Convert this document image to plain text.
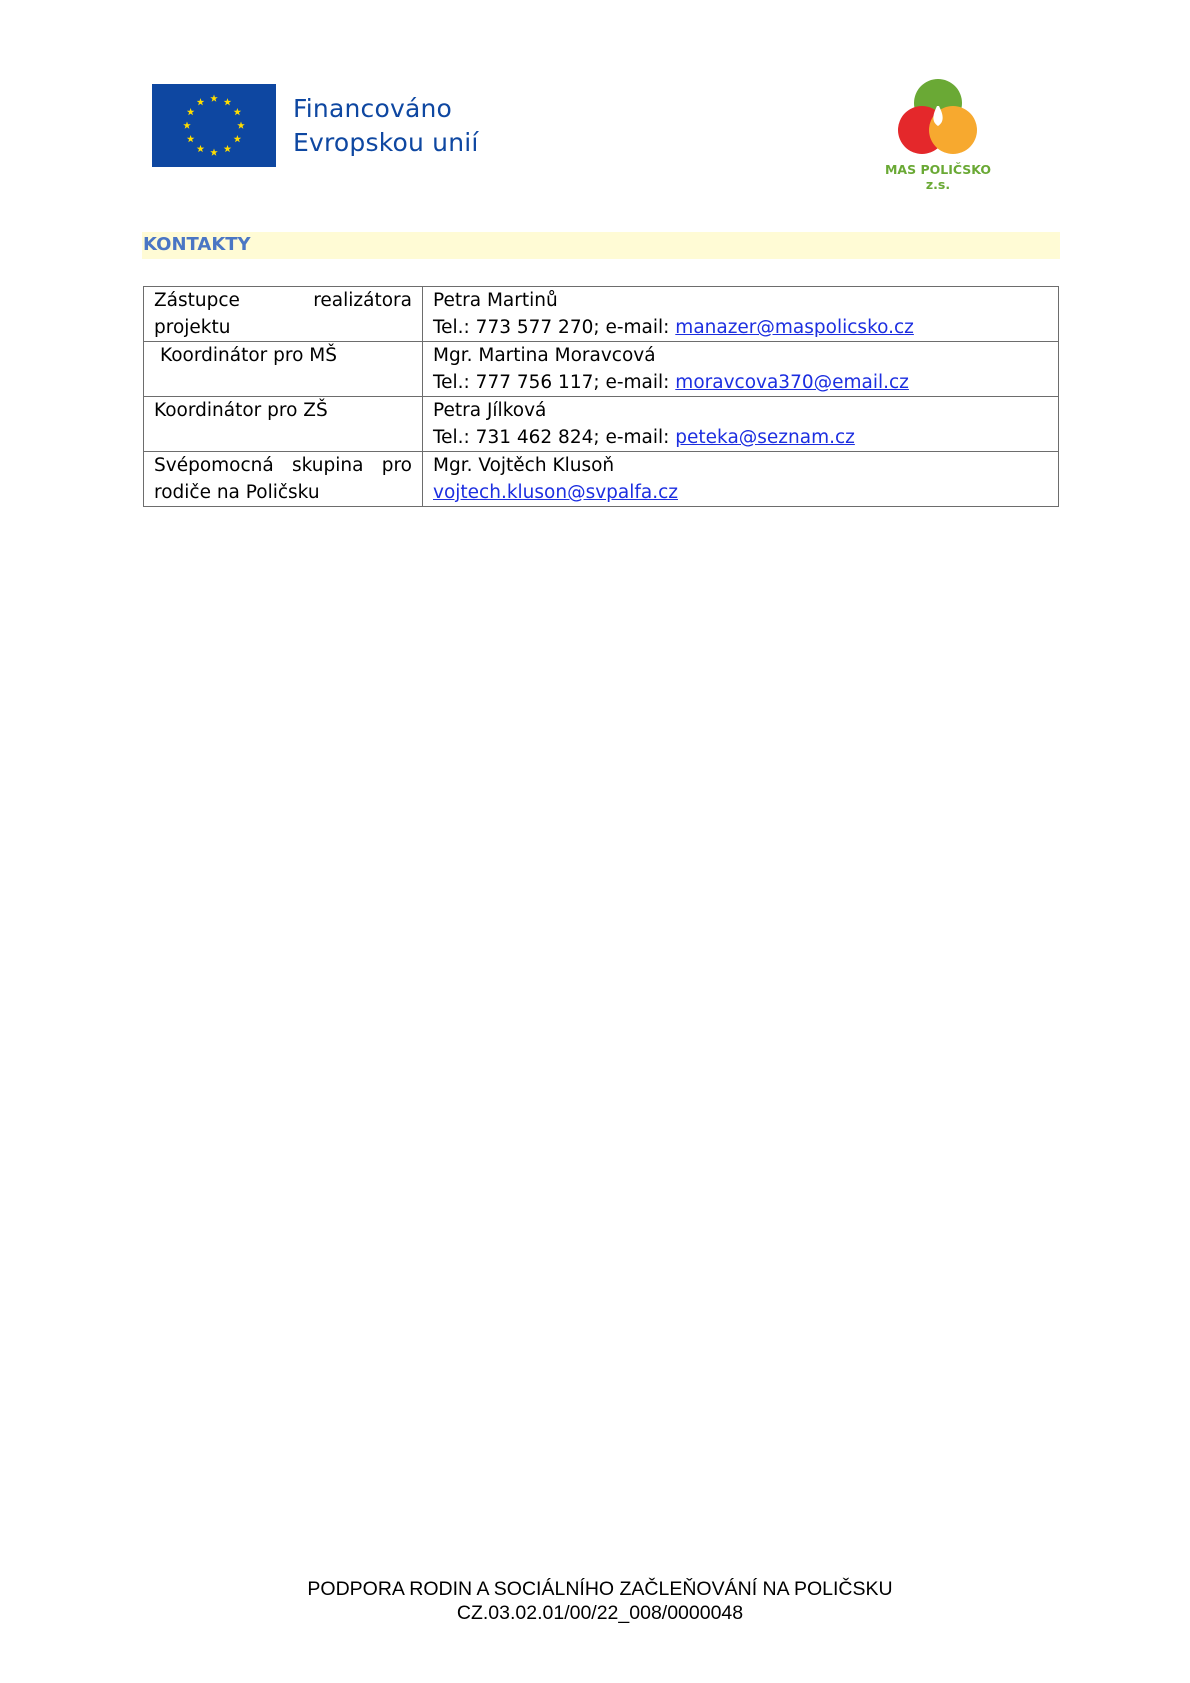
Financováno
Evropskou unií
MAS POLIČSKO z.s.
KONTAKTY
Zástupce realizátora projektu	Petra Martinů
Tel.: 773 577 270; e-mail: manazer@maspolicsko.cz

Koordinátor pro MŠ	Mgr. Martina Moravcová
Tel.: 777 756 117; e-mail: moravcova370@email.cz

Koordinátor pro ZŠ	Petra Jílková
Tel.: 731 462 824; e-mail: peteka@seznam.cz

Svépomocná skupina pro rodiče na Poličsku	Mgr. Vojtěch Klusoň
vojtech.kluson@svpalfa.cz
PODPORA RODIN A SOCIÁLNÍHO ZAČLEŇOVÁNÍ NA POLIČSKU
CZ.03.02.01/00/22_008/0000048
